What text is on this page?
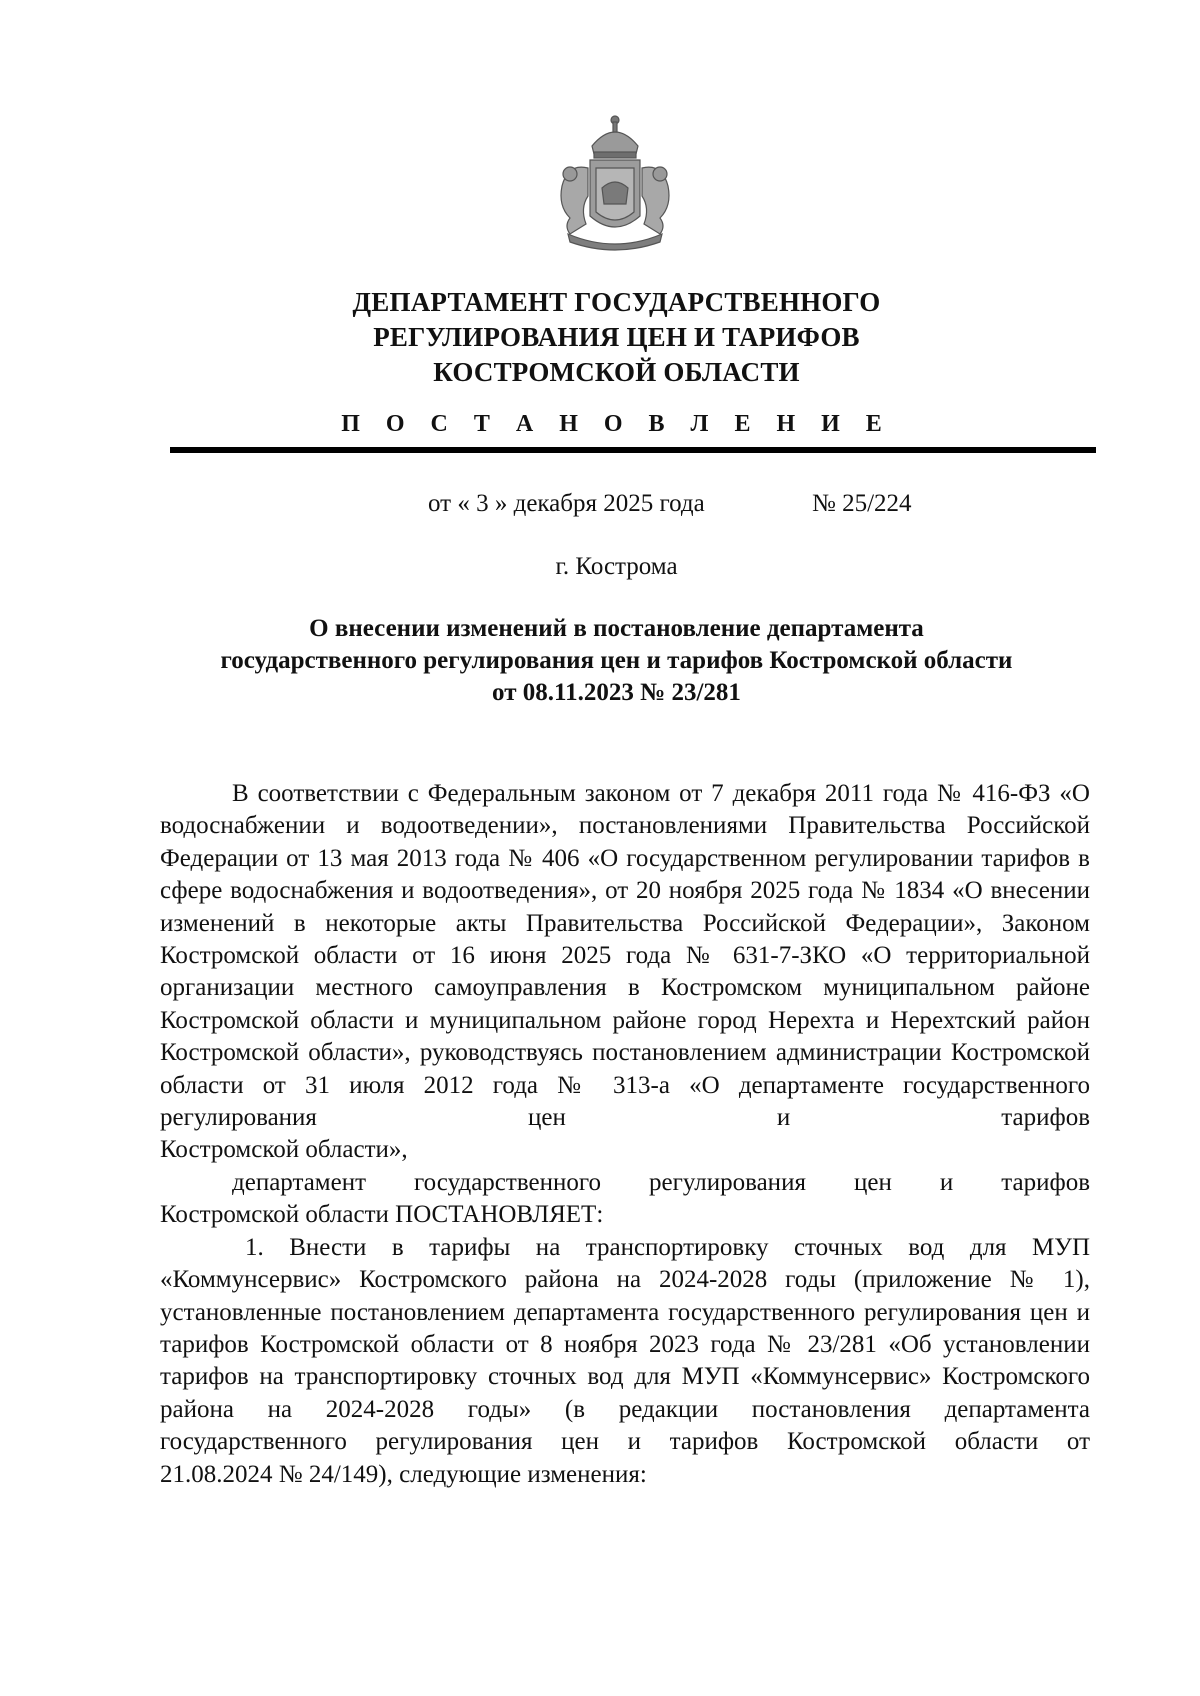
ДЕПАРТАМЕНТ ГОСУДАРСТВЕННОГО
РЕГУЛИРОВАНИЯ ЦЕН И ТАРИФОВ
КОСТРОМСКОЙ ОБЛАСТИ
П О С Т А Н О В Л Е Н И Е
от « 3 » декабря 2025 года	№ 25/224
г. Кострома
О внесении изменений в постановление департамента
государственного регулирования цен и тарифов Костромской области
от 08.11.2023 № 23/281

В соответствии с Федеральным законом от 7 декабря 2011 года № 416-ФЗ «О водоснабжении и водоотведении», постановлениями Правительства Российской Федерации от 13 мая 2013 года № 406 «О государственном регулировании тарифов в сфере водоснабжения и водоотведения», от 20 ноября 2025 года № 1834 «О внесении изменений в некоторые акты Правительства Российской Федерации», Законом Костромской области от 16 июня 2025 года № 631-7-ЗКО «О территориальной организации местного самоуправления в Костромском муниципальном районе Костромской области и муниципальном районе город Нерехта и Нерехтский район Костромской области», руководствуясь постановлением администрации Костромской области от 31 июля 2012 года № 313-а «О департаменте государственного регулирования цен и тарифов
Костромской области»,

департамент государственного регулирования цен и тарифов
Костромской области ПОСТАНОВЛЯЕТ:

1. Внести в тарифы на транспортировку сточных вод для МУП «Коммунсервис» Костромского района на 2024-2028 годы (приложение № 1), установленные постановлением департамента государственного регулирования цен и тарифов Костромской области от 8 ноября 2023 года № 23/281 «Об установлении тарифов на транспортировку сточных вод для МУП «Коммунсервис» Костромского района на 2024-2028 годы» (в редакции постановления департамента государственного регулирования цен и тарифов Костромской области от
21.08.2024 № 24/149), следующие изменения:
